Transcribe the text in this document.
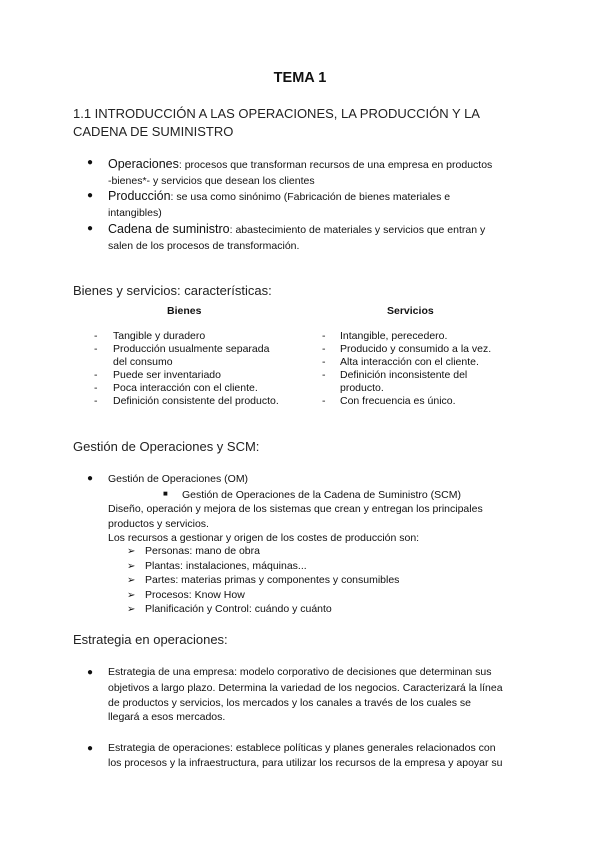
TEMA 1
1.1 INTRODUCCIÓN A LAS OPERACIONES, LA PRODUCCIÓN Y LA
CADENA DE SUMINISTRO
● Operaciones: procesos que transforman recursos de una empresa en productos
-bienes*- y servicios que desean los clientes
● Producción: se usa como sinónimo (Fabricación de bienes materiales e
intangibles)
● Cadena de suministro: abastecimiento de materiales y servicios que entran y
salen de los procesos de transformación.
Bienes y servicios: características:
Bienes	Servicios
- Tangible y duradero
- Producción usualmente separada
del consumo
- Puede ser inventariado
- Poca interacción con el cliente.
- Definición consistente del producto.
- Intangible, perecedero.
- Producido y consumido a la vez.
- Alta interacción con el cliente.
- Definición inconsistente del
producto.
- Con frecuencia es único.
Gestión de Operaciones y SCM:
● Gestión de Operaciones (OM)
■ Gestión de Operaciones de la Cadena de Suministro (SCM)
Diseño, operación y mejora de los sistemas que crean y entregan los principales
productos y servicios.
Los recursos a gestionar y origen de los costes de producción son:
➢ Personas: mano de obra
➢ Plantas: instalaciones, máquinas...
➢ Partes: materias primas y componentes y consumibles
➢ Procesos: Know How
➢ Planificación y Control: cuándo y cuánto
Estrategia en operaciones:
● Estrategia de una empresa: modelo corporativo de decisiones que determinan sus
objetivos a largo plazo. Determina la variedad de los negocios. Caracterizará la línea
de productos y servicios, los mercados y los canales a través de los cuales se
llegará a esos mercados.
● Estrategia de operaciones: establece políticas y planes generales relacionados con
los procesos y la infraestructura, para utilizar los recursos de la empresa y apoyar su
